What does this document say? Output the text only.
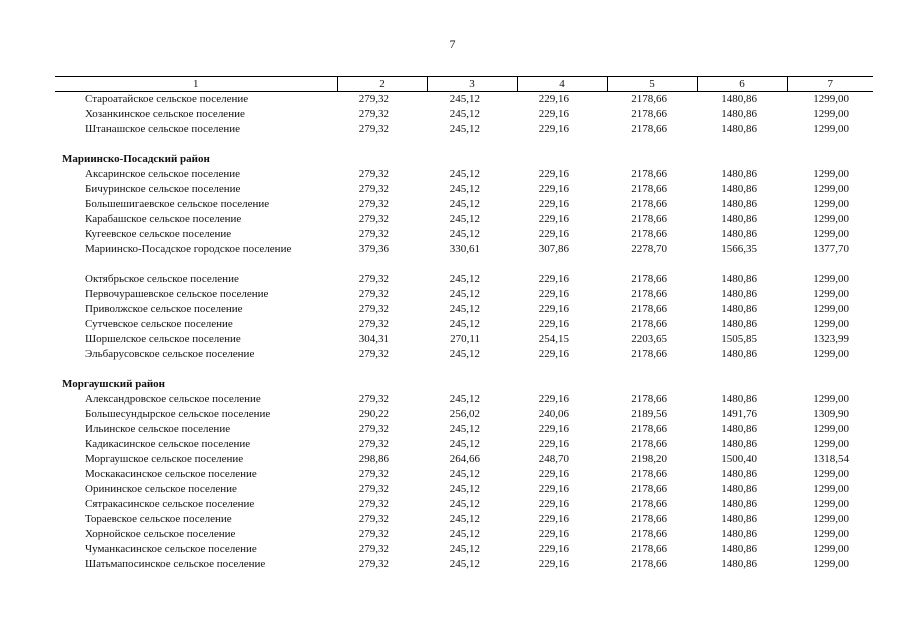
7
1	2	3	4	5	6	7
Староатайское сельское поселение	279,32	245,12	229,16	2178,66	1480,86	1299,00
Хозанкинское сельское поселение	279,32	245,12	229,16	2178,66	1480,86	1299,00
Штанашское сельское поселение	279,32	245,12	229,16	2178,66	1480,86	1299,00
Мариинско-Посадский район
Аксаринское сельское поселение	279,32	245,12	229,16	2178,66	1480,86	1299,00
Бичуринское сельское поселение	279,32	245,12	229,16	2178,66	1480,86	1299,00
Большешигаевское сельское поселение	279,32	245,12	229,16	2178,66	1480,86	1299,00
Карабашское сельское поселение	279,32	245,12	229,16	2178,66	1480,86	1299,00
Кугеевское сельское поселение	279,32	245,12	229,16	2178,66	1480,86	1299,00
Мариинско-Посадское городское поселение	379,36	330,61	307,86	2278,70	1566,35	1377,70
Октябрьское сельское поселение	279,32	245,12	229,16	2178,66	1480,86	1299,00
Первочурашевское сельское поселение	279,32	245,12	229,16	2178,66	1480,86	1299,00
Приволжское сельское поселение	279,32	245,12	229,16	2178,66	1480,86	1299,00
Сутчевское сельское поселение	279,32	245,12	229,16	2178,66	1480,86	1299,00
Шоршелское сельское поселение	304,31	270,11	254,15	2203,65	1505,85	1323,99
Эльбарусовское сельское поселение	279,32	245,12	229,16	2178,66	1480,86	1299,00
Моргаушский район
Александровское сельское поселение	279,32	245,12	229,16	2178,66	1480,86	1299,00
Большесундырское сельское поселение	290,22	256,02	240,06	2189,56	1491,76	1309,90
Ильинское сельское поселение	279,32	245,12	229,16	2178,66	1480,86	1299,00
Кадикасинское сельское поселение	279,32	245,12	229,16	2178,66	1480,86	1299,00
Моргаушское сельское поселение	298,86	264,66	248,70	2198,20	1500,40	1318,54
Москакасинское сельское поселение	279,32	245,12	229,16	2178,66	1480,86	1299,00
Орининское сельское поселение	279,32	245,12	229,16	2178,66	1480,86	1299,00
Сятракасинское сельское поселение	279,32	245,12	229,16	2178,66	1480,86	1299,00
Тораевское сельское поселение	279,32	245,12	229,16	2178,66	1480,86	1299,00
Хорнойское сельское поселение	279,32	245,12	229,16	2178,66	1480,86	1299,00
Чуманкасинское сельское поселение	279,32	245,12	229,16	2178,66	1480,86	1299,00
Шатьмапосинское сельское поселение	279,32	245,12	229,16	2178,66	1480,86	1299,00
